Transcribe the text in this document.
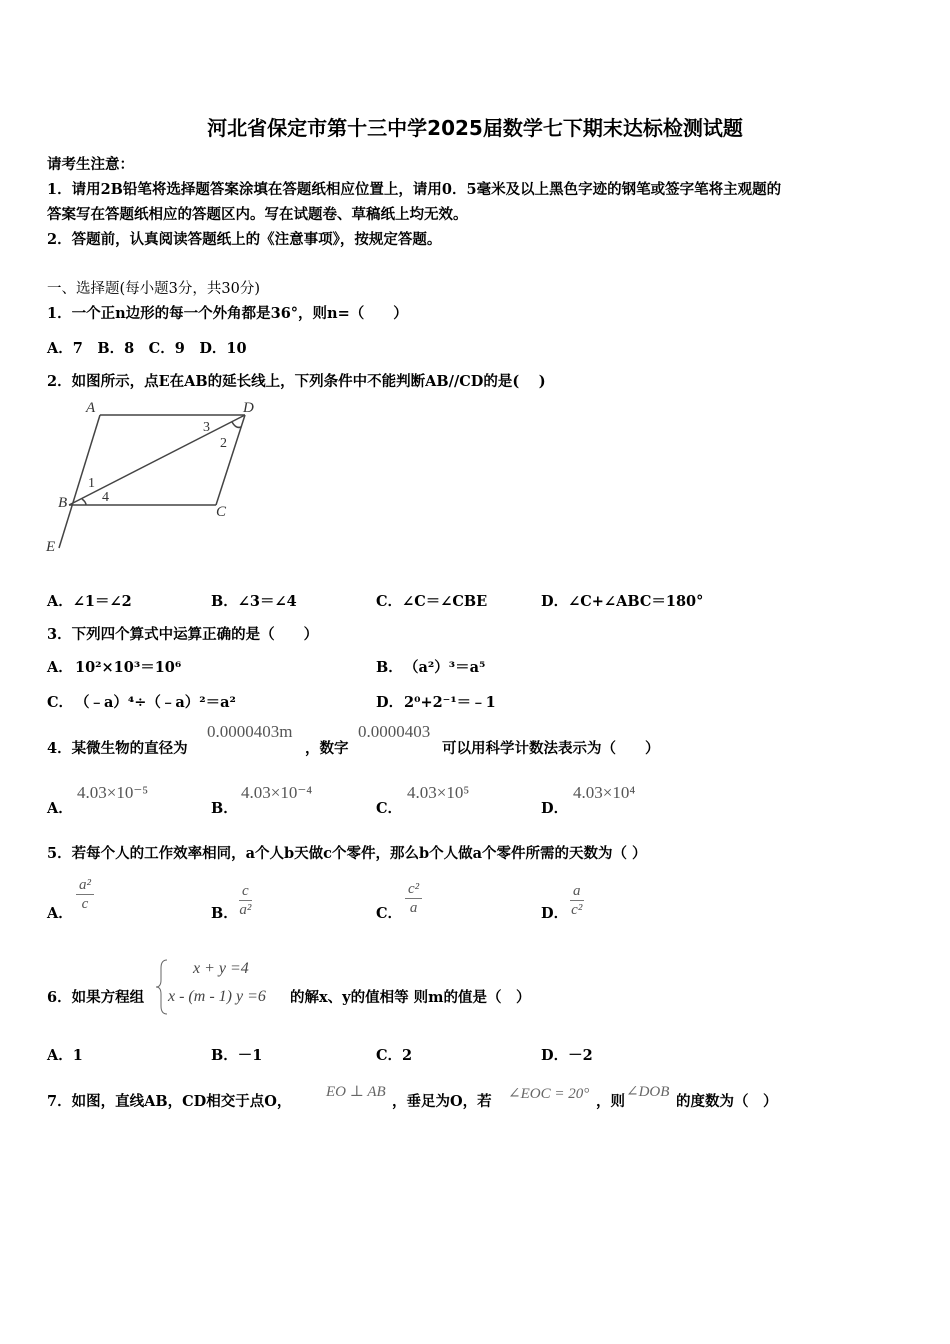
河北省保定市第十三中学2025届数学七下期末达标检测试题
请考生注意：
1．请用2B铅笔将选择题答案涂填在答题纸相应位置上，请用0．5毫米及以上黑色字迹的钢笔或签字笔将主观题的
答案写在答题纸相应的答题区内。写在试题卷、草稿纸上均无效。
2．答题前，认真阅读答题纸上的《注意事项》，按规定答题。
一、选择题(每小题3分，共30分)
1．一个正n边形的每一个外角都是36°，则n=（　　）
A．7　B．8　C．9　D．10
2．如图所示，点E在AB的延长线上，下列条件中不能判断AB//CD的是(　 )
A	D
B
C
E
1
2
3
4
A．∠1＝∠2	B．∠3＝∠4	C．∠C＝∠CBE	D．∠C+∠ABC＝180°
3．下列四个算式中运算正确的是（　　）
A． 10²×10³＝10⁶	B． （a²）³＝a⁵
C． （﹣a）⁴÷（﹣a）²＝a²	D． 2⁰+2⁻¹＝﹣1
4．某微生物的直径为
0.0000403m
，数字
0.0000403
可以用科学计数法表示为（　　）
A．
4.03×10⁻⁵
B．
4.03×10⁻⁴
C．
4.03×10⁵
D．
4.03×10⁴
5．若每个人的工作效率相同，a个人b天做c个零件，那么b个人做a个零件所需的天数为（ ）
A．
$\frac{\text{a²}}{c}$
B． $\frac{c}{\text{a²}}$	C． $\frac{\text{c²}}{a}$	D． $\frac{a}{\text{c²}}$
6．如果方程组
x + y =4
x - (m - 1) y =6 的解x、y的值相等 则m的值是（　）
A．1	B．－1	C．2	D．－2
7．如图，直线AB，CD相交于点O，
EO ⊥ AB
，垂足为O，若 ∠EOC = 20° ，则
∠DOB
的度数为（　）
